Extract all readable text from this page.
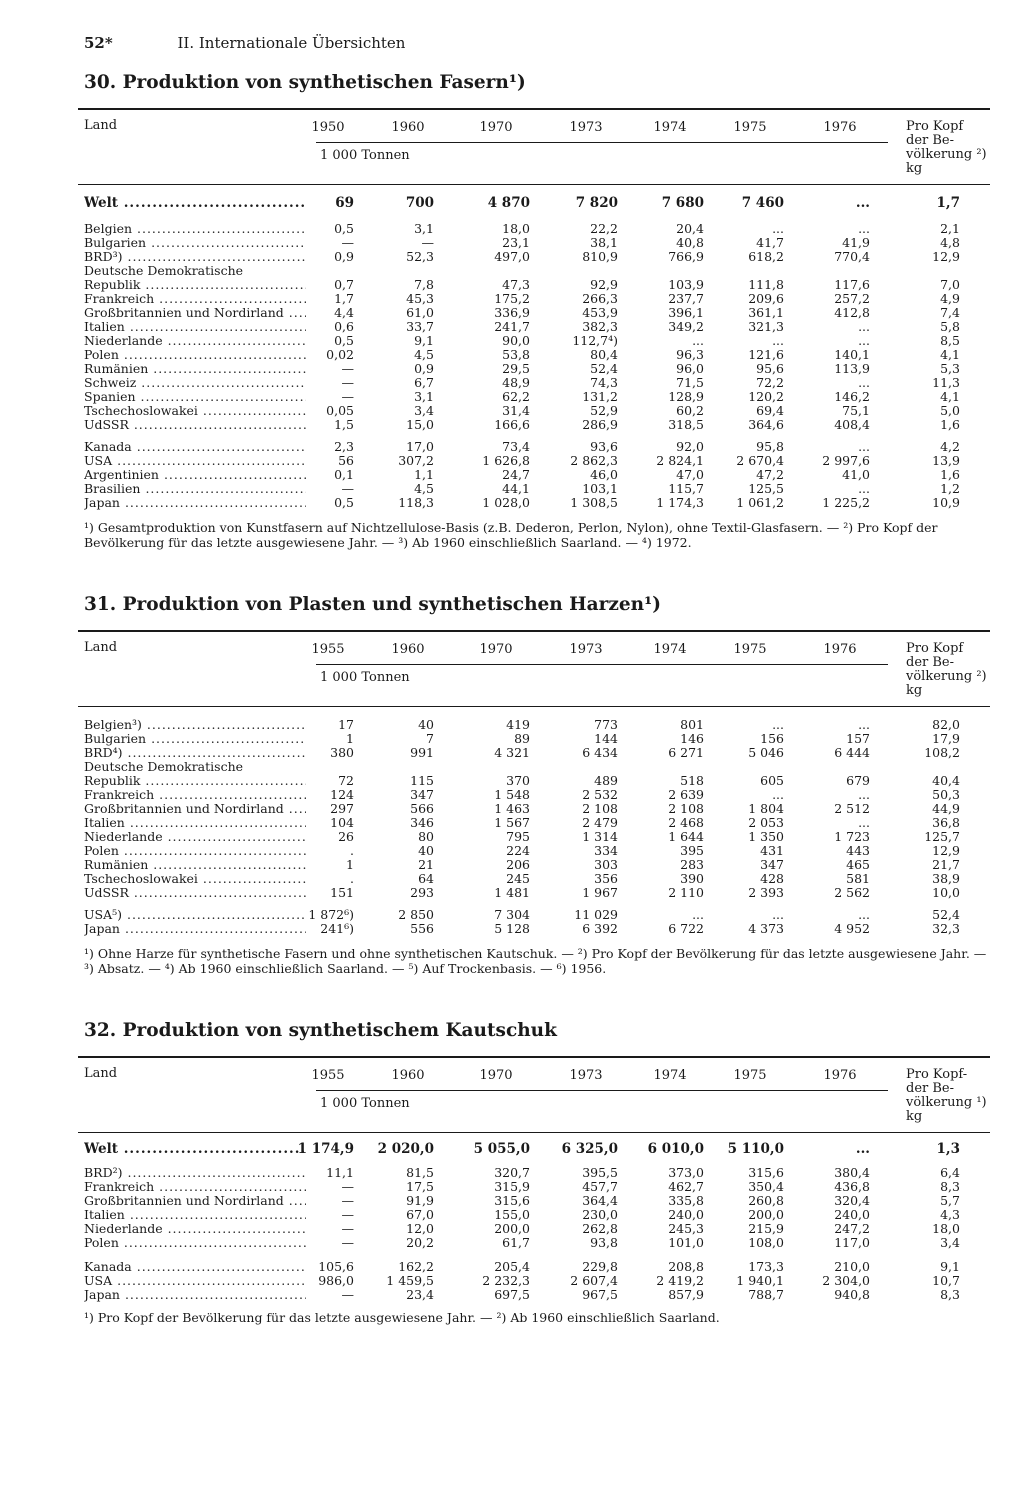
52*	II. Internationale Übersichten
30. Produktion von synthetischen Fasern¹)
Land	1950	1960	1970	1973	1974	1975	1976
1 000 Tonnen
Pro Kopf
der Be-
völkerung ²)
kg
Welt .....	69	700	4 870	7 820	7 680	7 460	...	1,7
Belgien .....	0,5	3,1	18,0	22,2	20,4	...	...	2,1
Bulgarien .....	—	—	23,1	38,1	40,8	41,7	41,9	4,8
BRD³) .....	0,9	52,3	497,0	810,9	766,9	618,2	770,4	12,9
Deutsche Demokratische
Republik .....	0,7	7,8	47,3	92,9	103,9	111,8	117,6	7,0
Frankreich .....	1,7	45,3	175,2	266,3	237,7	209,6	257,2	4,9
Großbritannien und Nordirland .....	4,4	61,0	336,9	453,9	396,1	361,1	412,8	7,4
Italien .....	0,6	33,7	241,7	382,3	349,2	321,3	...	5,8
Niederlande .....	0,5	9,1	90,0	112,7⁴)	...	...	...	8,5
Polen .....	0,02	4,5	53,8	80,4	96,3	121,6	140,1	4,1
Rumänien .....	—	0,9	29,5	52,4	96,0	95,6	113,9	5,3
Schweiz .....	—	6,7	48,9	74,3	71,5	72,2	...	11,3
Spanien .....	—	3,1	62,2	131,2	128,9	120,2	146,2	4,1
Tschechoslowakei .....	0,05	3,4	31,4	52,9	60,2	69,4	75,1	5,0
UdSSR .....	1,5	15,0	166,6	286,9	318,5	364,6	408,4	1,6
Kanada .....	2,3	17,0	73,4	93,6	92,0	95,8	...	4,2
USA .....	56	307,2	1 626,8	2 862,3	2 824,1	2 670,4	2 997,6	13,9
Argentinien .....	0,1	1,1	24,7	46,0	47,0	47,2	41,0	1,6
Brasilien .....	—	4,5	44,1	103,1	115,7	125,5	...	1,2
Japan .....	0,5	118,3	1 028,0	1 308,5	1 174,3	1 061,2	1 225,2	10,9
¹) Gesamtproduktion von Kunstfasern auf Nichtzellulose-Basis (z.B. Dederon, Perlon, Nylon), ohne Textil-Glasfasern. — ²) Pro Kopf der Bevölkerung für das letzte ausgewiesene Jahr. — ³) Ab 1960 einschließlich Saarland. — ⁴) 1972.
31. Produktion von Plasten und synthetischen Harzen¹)
Land	1955	1960	1970	1973	1974	1975	1976
1 000 Tonnen
Pro Kopf
der Be-
völkerung ²)
kg
Belgien³) .....	17	40	419	773	801	...	...	82,0
Bulgarien .....	1	7	89	144	146	156	157	17,9
BRD⁴) .....	380	991	4 321	6 434	6 271	5 046	6 444	108,2
Deutsche Demokratische
Republik .....	72	115	370	489	518	605	679	40,4
Frankreich .....	124	347	1 548	2 532	2 639	...	...	50,3
Großbritannien und Nordirland .....	297	566	1 463	2 108	2 108	1 804	2 512	44,9
Italien .....	104	346	1 567	2 479	2 468	2 053	...	36,8
Niederlande .....	26	80	795	1 314	1 644	1 350	1 723	125,7
Polen .....	.	40	224	334	395	431	443	12,9
Rumänien .....	1	21	206	303	283	347	465	21,7
Tschechoslowakei .....	.	64	245	356	390	428	581	38,9
UdSSR .....	151	293	1 481	1 967	2 110	2 393	2 562	10,0
USA⁵) .....	1 872⁶)	2 850	7 304	11 029	...	...	...	52,4
Japan .....	241⁶)	556	5 128	6 392	6 722	4 373	4 952	32,3
¹) Ohne Harze für synthetische Fasern und ohne synthetischen Kautschuk. — ²) Pro Kopf der Bevölkerung für das letzte ausgewiesene Jahr. — ³) Absatz. — ⁴) Ab 1960 einschließlich Saarland. — ⁵) Auf Trockenbasis. — ⁶) 1956.
32. Produktion von synthetischem Kautschuk
Land	1955	1960	1970	1973	1974	1975	1976
1 000 Tonnen
Pro Kopf-
der Be-
völkerung ¹)
kg
Welt .....	1 174,9	2 020,0	5 055,0	6 325,0	6 010,0	5 110,0	...	1,3
BRD²) .....	11,1	81,5	320,7	395,5	373,0	315,6	380,4	6,4
Frankreich .....	—	17,5	315,9	457,7	462,7	350,4	436,8	8,3
Großbritannien und Nordirland .....	—	91,9	315,6	364,4	335,8	260,8	320,4	5,7
Italien .....	—	67,0	155,0	230,0	240,0	200,0	240,0	4,3
Niederlande .....	—	12,0	200,0	262,8	245,3	215,9	247,2	18,0
Polen .....	—	20,2	61,7	93,8	101,0	108,0	117,0	3,4
Kanada .....	105,6	162,2	205,4	229,8	208,8	173,3	210,0	9,1
USA .....	986,0	1 459,5	2 232,3	2 607,4	2 419,2	1 940,1	2 304,0	10,7
Japan .....	—	23,4	697,5	967,5	857,9	788,7	940,8	8,3
¹) Pro Kopf der Bevölkerung für das letzte ausgewiesene Jahr. — ²) Ab 1960 einschließlich Saarland.
